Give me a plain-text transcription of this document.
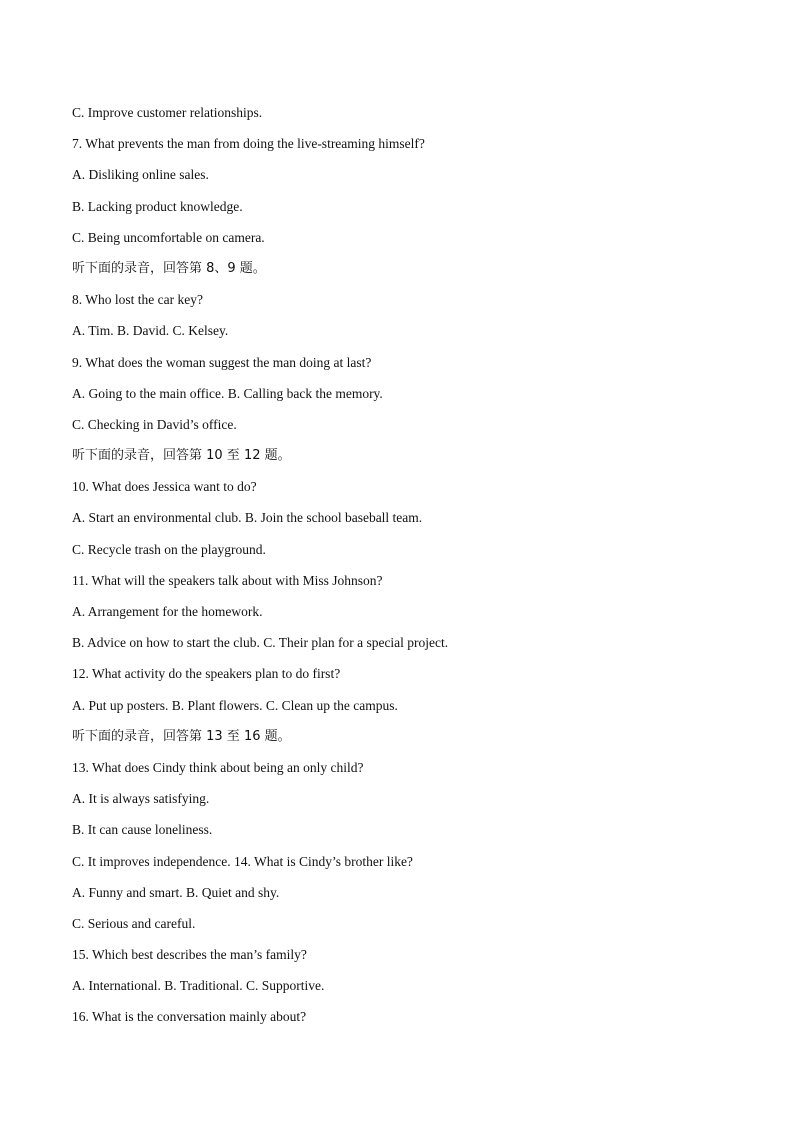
C. Improve customer relationships.
7. What prevents the man from doing the live-streaming himself?
A. Disliking online sales.
B. Lacking product knowledge.
C. Being uncomfortable on camera.
听下面的录音，回答第 8、9 题。
8. Who lost the car key?
A. Tim. B. David. C. Kelsey.
9. What does the woman suggest the man doing at last?
A. Going to the main office. B. Calling back the memory.
C. Checking in David’s office.
听下面的录音，回答第 10 至 12 题。
10. What does Jessica want to do?
A. Start an environmental club. B. Join the school baseball team.
C. Recycle trash on the playground.
11. What will the speakers talk about with Miss Johnson?
A. Arrangement for the homework.
B. Advice on how to start the club. C. Their plan for a special project.
12. What activity do the speakers plan to do first?
A. Put up posters. B. Plant flowers. C. Clean up the campus.
听下面的录音，回答第 13 至 16 题。
13. What does Cindy think about being an only child?
A. It is always satisfying.
B. It can cause loneliness.
C. It improves independence. 14. What is Cindy’s brother like?
A. Funny and smart. B. Quiet and shy.
C. Serious and careful.
15. Which best describes the man’s family?
A. International. B. Traditional. C. Supportive.
16. What is the conversation mainly about?
